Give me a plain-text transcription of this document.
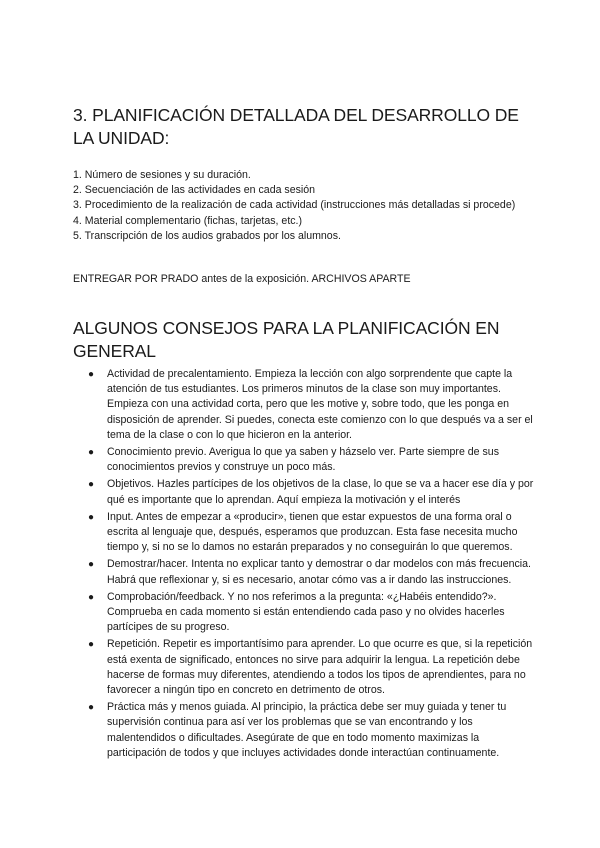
3. PLANIFICACIÓN DETALLADA DEL DESARROLLO DE LA UNIDAD:
1. Número de sesiones y su duración.
2. Secuenciación de las actividades en cada sesión
3. Procedimiento de la realización de cada actividad (instrucciones más detalladas si procede)
4. Material complementario (fichas, tarjetas, etc.)
5. Transcripción de los audios grabados por los alumnos.

ENTREGAR POR PRADO antes de la exposición. ARCHIVOS APARTE

ALGUNOS CONSEJOS PARA LA PLANIFICACIÓN EN GENERAL
● Actividad de precalentamiento. Empieza la lección con algo sorprendente que capte la atención de tus estudiantes. Los primeros minutos de la clase son muy importantes. Empieza con una actividad corta, pero que les motive y, sobre todo, que les ponga en disposición de aprender. Si puedes, conecta este comienzo con lo que después va a ser el tema de la clase o con lo que hicieron en la anterior.
● Conocimiento previo. Averigua lo que ya saben y házselo ver. Parte siempre de sus conocimientos previos y construye un poco más.
● Objetivos. Hazles partícipes de los objetivos de la clase, lo que se va a hacer ese día y por qué es importante que lo aprendan. Aquí empieza la motivación y el interés
● Input. Antes de empezar a «producir», tienen que estar expuestos de una forma oral o escrita al lenguaje que, después, esperamos que produzcan. Esta fase necesita mucho tiempo y, si no se lo damos no estarán preparados y no conseguirán lo que queremos.
● Demostrar/hacer. Intenta no explicar tanto y demostrar o dar modelos con más frecuencia. Habrá que reflexionar y, si es necesario, anotar cómo vas a ir dando las instrucciones.
● Comprobación/feedback. Y no nos referimos a la pregunta: «¿Habéis entendido?». Comprueba en cada momento si están entendiendo cada paso y no olvides hacerles partícipes de su progreso.
● Repetición. Repetir es importantísimo para aprender. Lo que ocurre es que, si la repetición está exenta de significado, entonces no sirve para adquirir la lengua. La repetición debe hacerse de formas muy diferentes, atendiendo a todos los tipos de aprendientes, para no favorecer a ningún tipo en concreto en detrimento de otros.
● Práctica más y menos guiada. Al principio, la práctica debe ser muy guiada y tener tu supervisión continua para así ver los problemas que se van encontrando y los malentendidos o dificultades. Asegúrate de que en todo momento maximizas la participación de todos y que incluyes actividades donde interactúan continuamente.
